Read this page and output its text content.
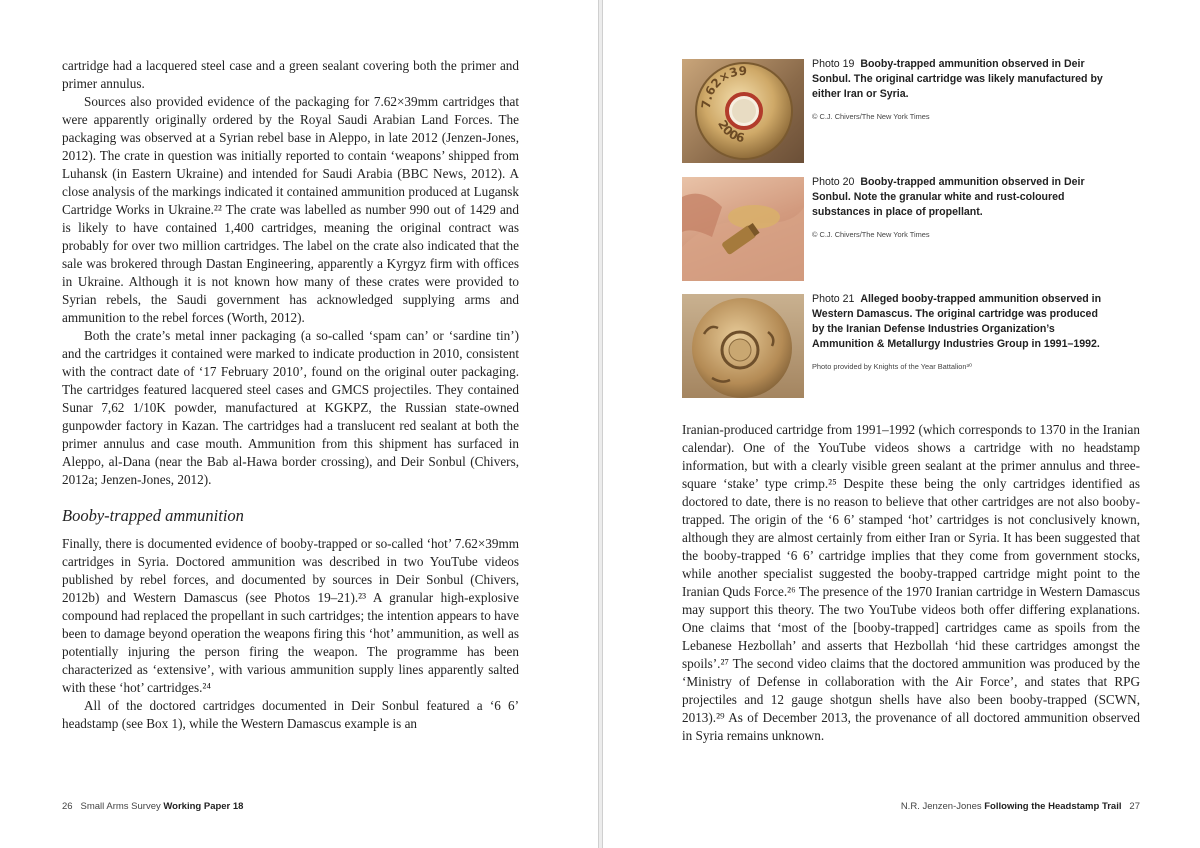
cartridge had a lacquered steel case and a green sealant covering both the primer and primer annulus.

Sources also provided evidence of the packaging for 7.62×39mm cartridges that were apparently originally ordered by the Royal Saudi Arabian Land Forces. The packaging was observed at a Syrian rebel base in Aleppo, in late 2012 (Jenzen-Jones, 2012). The crate in question was initially reported to contain ‘weapons’ shipped from Luhansk (in Eastern Ukraine) and intended for Saudi Arabia (BBC News, 2012). A close analysis of the markings indicated it contained ammunition produced at Lugansk Cartridge Works in Ukraine.²² The crate was labelled as number 990 out of 1429 and is likely to have contained 1,400 cartridges, meaning the original contract was probably for over two million cartridges. The label on the crate also indicated that the sale was brokered through Dastan Engineering, apparently a Kyrgyz firm with offices in Ukraine. Although it is not known how many of these crates were provided to Syrian rebels, the Saudi government has acknowledged supplying arms and ammunition to the rebel forces (Worth, 2012).

Both the crate’s metal inner packaging (a so-called ‘spam can’ or ‘sardine tin’) and the cartridges it contained were marked to indicate production in 2010, consistent with the contract date of ‘17 February 2010’, found on the original outer packaging. The cartridges featured lacquered steel cases and GMCS projectiles. They contained Sunar 7,62 1/10K powder, manufactured at KGKPZ, the Russian state-owned gunpowder factory in Kazan. The cartridges had a translucent red sealant at both the primer annulus and case mouth. Ammunition from this shipment has surfaced in Aleppo, al-Dana (near the Bab al-Hawa border crossing), and Deir Sonbul (Chivers, 2012a; Jenzen-Jones, 2012).

Booby-trapped ammunition

Finally, there is documented evidence of booby-trapped or so-called ‘hot’ 7.62×39mm cartridges in Syria. Doctored ammunition was described in two YouTube videos published by rebel forces, and documented by sources in Deir Sonbul (Chivers, 2012b) and Western Damascus (see Photos 19–21).²³ A granular high-explosive compound had replaced the propellant in such cartridges; the intention appears to have been to damage beyond operation the weapons firing this ‘hot’ ammunition, as well as potentially injuring the person firing the weapon. The programme has been characterized as ‘extensive’, with various ammunition supply lines apparently salted with these ‘hot’ cartridges.²⁴

All of the doctored cartridges documented in Deir Sonbul featured a ‘6 6’ headstamp (see Box 1), while the Western Damascus example is an

26 Small Arms Survey Working Paper 18
7.62×39
2006
Photo 19 Booby-trapped ammunition observed in Deir Sonbul. The original cartridge was likely manufactured by either Iran or Syria.
© C.J. Chivers/The New York Times
Photo 20 Booby-trapped ammunition observed in Deir Sonbul. Note the granular white and rust-coloured substances in place of propellant.
© C.J. Chivers/The New York Times
Photo 21 Alleged booby-trapped ammunition observed in Western Damascus. The original cartridge was produced by the Iranian Defense Industries Organization’s Ammunition & Metallurgy Industries Group in 1991–1992.
Photo provided by Knights of the Year Battalion³⁰

Iranian-produced cartridge from 1991–1992 (which corresponds to 1370 in the Iranian calendar). One of the YouTube videos shows a cartridge with no headstamp information, but with a clearly visible green sealant at the primer annulus and three-square ‘stake’ type crimp.²⁵ Despite these being the only cartridges identified as doctored to date, there is no reason to believe that other cartridges are not also booby-trapped. The origin of the ‘6 6’ stamped ‘hot’ cartridges is not conclusively known, although they are almost certainly from either Iran or Syria. It has been suggested that the booby-trapped ‘6 6’ cartridge implies that they come from government stocks, while another specialist suggested the booby-trapped cartridge might point to the Iranian Quds Force.²⁶ The presence of the 1970 Iranian cartridge in Western Damascus may support this theory. The two YouTube videos both offer differing explanations. One claims that ‘most of the [booby-trapped] cartridges came as spoils from the Lebanese Hezbollah’ and asserts that Hezbollah ‘hid these cartridges amongst the spoils’.²⁷ The second video claims that the doctored ammunition was produced by the ‘Ministry of Defense in collaboration with the Air Force’, and states that RPG projectiles and 12 gauge shotgun shells have also been booby-trapped (SCWN, 2013).²⁹ As of December 2013, the provenance of all doctored ammunition observed in Syria remains unknown.

N.R. Jenzen-Jones Following the Headstamp Trail 27
